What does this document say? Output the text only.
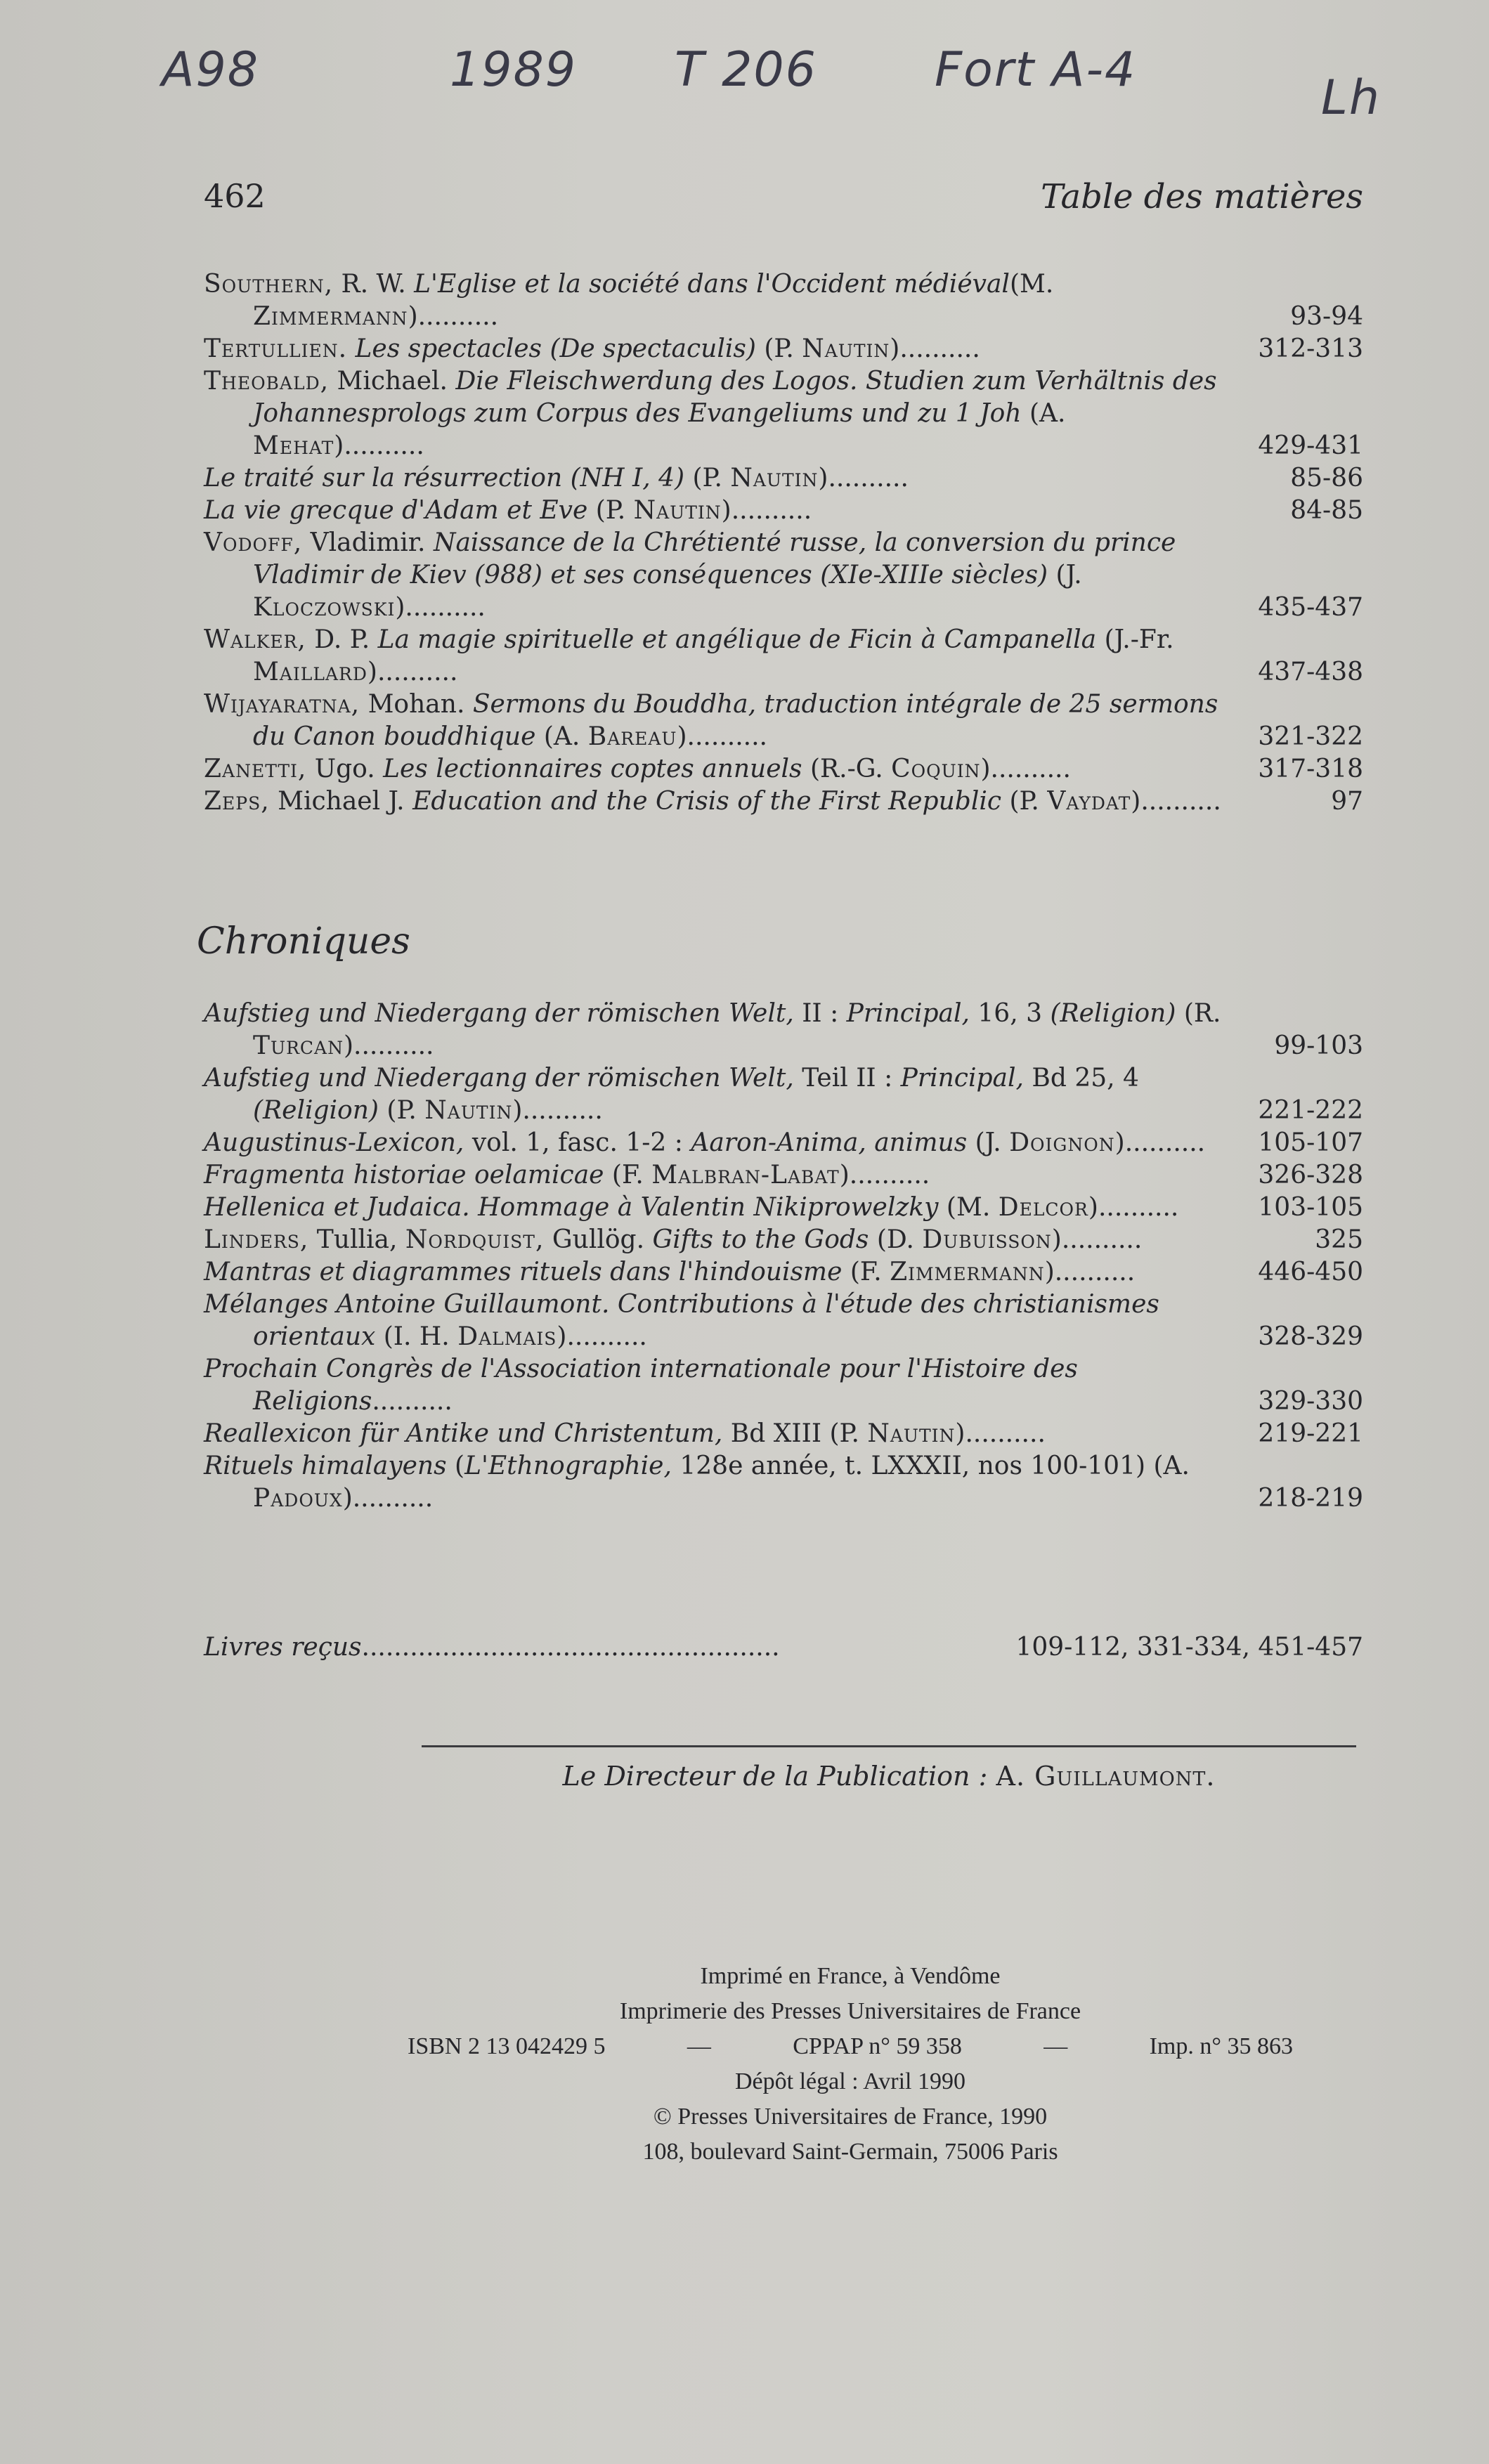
A98	1989 T 206 Fort A-4
Lh
462	Table des matières
Southern, R. W. L'Eglise et la société dans l'Occident médiéval(M. Zimmermann)..........	93-94
Tertullien. Les spectacles (De spectaculis) (P. Nautin)..........	312-313
Theobald, Michael. Die Fleischwerdung des Logos. Studien zum Verhältnis des Johannesprologs zum Corpus des Evangeliums und zu 1 Joh (A. Mehat)..........	429-431
Le traité sur la résurrection (NH I, 4) (P. Nautin)..........	85-86
La vie grecque d'Adam et Eve (P. Nautin)..........	84-85
Vodoff, Vladimir. Naissance de la Chrétienté russe, la conversion du prince Vladimir de Kiev (988) et ses conséquences (XIe-XIIIe siècles) (J. Kloczowski)..........	435-437
Walker, D. P. La magie spirituelle et angélique de Ficin à Campanella (J.-Fr. Maillard)..........	437-438
Wijayaratna, Mohan. Sermons du Bouddha, traduction intégrale de 25 sermons du Canon bouddhique (A. Bareau)..........	321-322
Zanetti, Ugo. Les lectionnaires coptes annuels (R.-G. Coquin)..........	317-318
Zeps, Michael J. Education and the Crisis of the First Republic (P. Vaydat)..........	97
Chroniques
Aufstieg und Niedergang der römischen Welt, II : Principal, 16, 3 (Religion) (R. Turcan)..........	99-103
Aufstieg und Niedergang der römischen Welt, Teil II : Principal, Bd 25, 4 (Religion) (P. Nautin)..........	221-222
Augustinus-Lexicon, vol. 1, fasc. 1-2 : Aaron-Anima, animus (J. Doignon)..........	105-107
Fragmenta historiae oelamicae (F. Malbran-Labat)..........	326-328
Hellenica et Judaica. Hommage à Valentin Nikiprowelzky (M. Delcor)..........	103-105
Linders, Tullia, Nordquist, Gullög. Gifts to the Gods (D. Dubuisson)..........	325
Mantras et diagrammes rituels dans l'hindouisme (F. Zimmermann)..........	446-450
Mélanges Antoine Guillaumont. Contributions à l'étude des christianismes orientaux (I. H. Dalmais)..........	328-329
Prochain Congrès de l'Association internationale pour l'Histoire des Religions..........	329-330
Reallexicon für Antike und Christentum, Bd XIII (P. Nautin)..........	219-221
Rituels himalayens (L'Ethnographie, 128e année, t. LXXXII, nos 100-101) (A. Padoux)..........	218-219
Livres reçus....................................................	109-112, 331-334, 451-457
Le Directeur de la Publication : A. Guillaumont.
Imprimé en France, à Vendôme
Imprimerie des Presses Universitaires de France
ISBN 2 13 042429 5	—	CPPAP n° 59 358	—	Imp. n° 35 863
Dépôt légal : Avril 1990
© Presses Universitaires de France, 1990
108, boulevard Saint-Germain, 75006 Paris
